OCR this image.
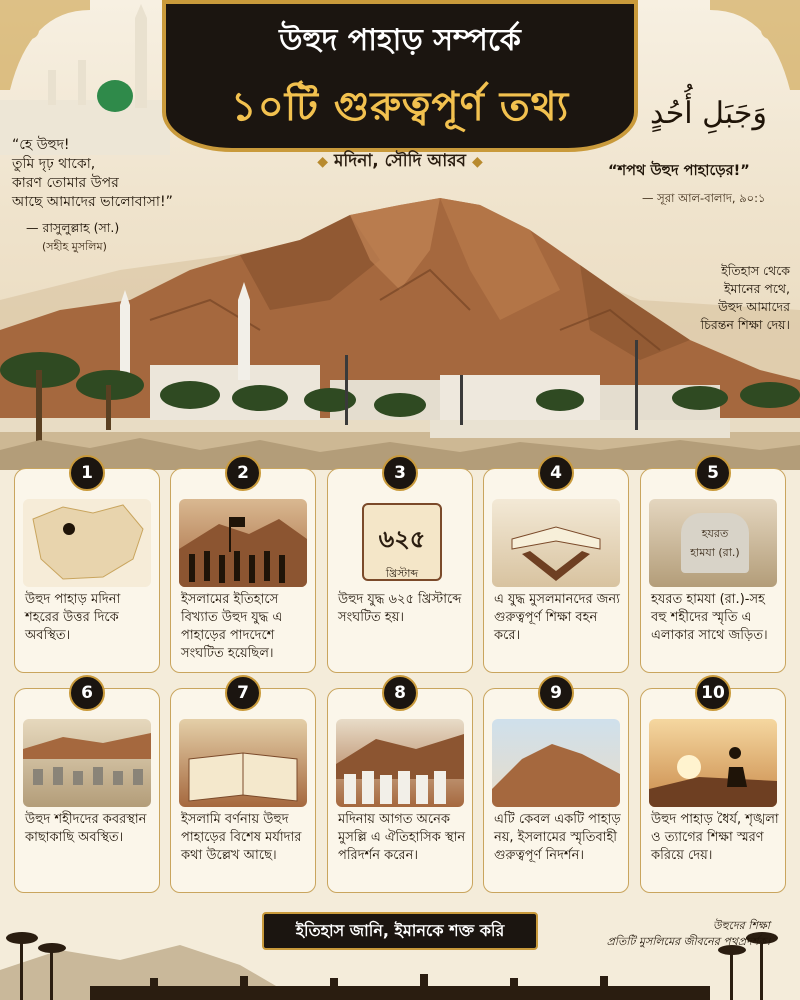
উহুদ পাহাড় সম্পর্কে
১০টি গুরুত্বপূর্ণ তথ্য
◆ মদিনা, সৌদি আরব ◆
“হে উহুদ!
তুমি দৃঢ় থাকো,
কারণ তোমার উপর
আছে আমাদের ভালোবাসা!”
— রাসুলুল্লাহ (সা.)
(সহীহ মুসলিম)
وَجَبَلِ أُحُدٍ
“শপথ উহুদ পাহাড়ের!”
— সূরা আল-বালাদ, ৯০:১
ইতিহাস থেকে
ইমানের পথে,
উহুদ আমাদের
চিরন্তন শিক্ষা দেয়।
1
উহুদ পাহাড় মদিনা শহরের উত্তর দিকে অবস্থিত।
2
ইসলামের ইতিহাসে বিখ্যাত উহুদ যুদ্ধ এ পাহাড়ের পাদদেশে সংঘটিত হয়েছিল।
3
৬২৫
খ্রিস্টাব্দ
উহুদ যুদ্ধ ৬২৫ খ্রিস্টাব্দে সংঘটিত হয়।
4
এ যুদ্ধ মুসলমানদের জন্য গুরুত্বপূর্ণ শিক্ষা বহন করে।
5
হযরত
হামযা (রা.)
হযরত হামযা (রা.)-সহ বহু শহীদের স্মৃতি এ এলাকার সাথে জড়িত।
6
উহুদ শহীদদের কবরস্থান কাছাকাছি অবস্থিত।
7
ইসলামি বর্ণনায় উহুদ পাহাড়ের বিশেষ মর্যাদার কথা উল্লেখ আছে।
8
মদিনায় আগত অনেক মুসল্লি এ ঐতিহাসিক স্থান পরিদর্শন করেন।
9
এটি কেবল একটি পাহাড় নয়, ইসলামের স্মৃতিবাহী গুরুত্বপূর্ণ নিদর্শন।
10
উহুদ পাহাড় ধৈর্য, শৃঙ্খলা ও ত্যাগের শিক্ষা স্মরণ করিয়ে দেয়।
ইতিহাস জানি, ইমানকে শক্ত করি	উহুদের শিক্ষা
প্রতিটি মুসলিমের জীবনের পথপ্রদর্শক।
